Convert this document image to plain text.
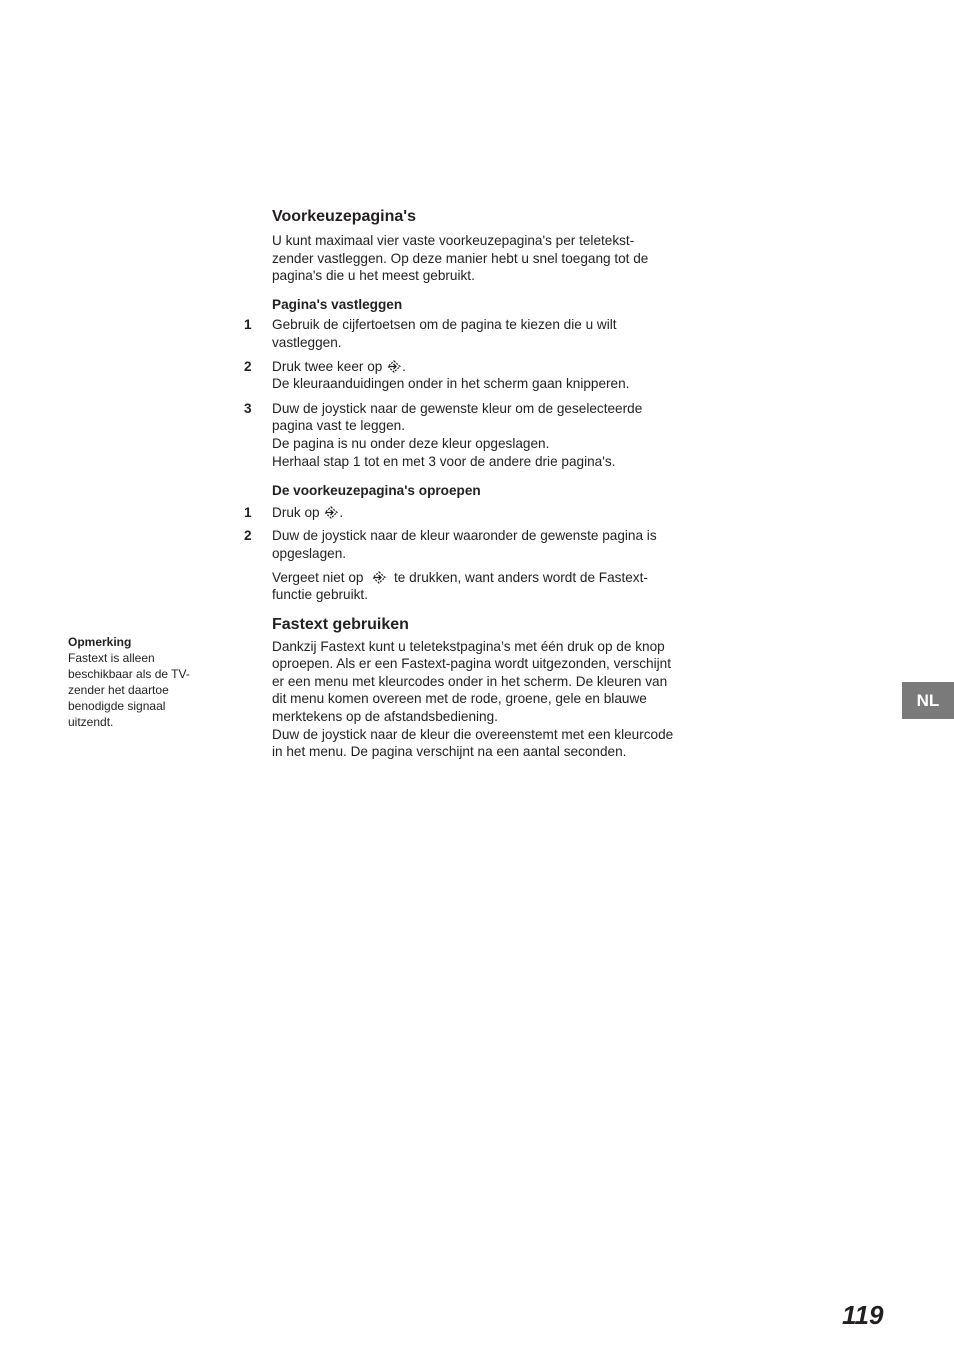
Voorkeuzepagina's
U kunt maximaal vier vaste voorkeuzepagina's per teletekst-
zender vastleggen. Op deze manier hebt u snel toegang tot de
pagina's die u het meest gebruikt.
Pagina's vastleggen
1	Gebruik de cijfertoetsen om de pagina te kiezen die u wilt
vastleggen.
2	Druk twee keer op .
De kleuraanduidingen onder in het scherm gaan knipperen.
3	Duw de joystick naar de gewenste kleur om de geselecteerde
pagina vast te leggen.
De pagina is nu onder deze kleur opgeslagen.
Herhaal stap 1 tot en met 3 voor de andere drie pagina's.
De voorkeuzepagina's oproepen
1	Druk op .
2	Duw de joystick naar de kleur waaronder de gewenste pagina is
opgeslagen.
Vergeet niet op te drukken, want anders wordt de Fastext-
functie gebruikt.
Fastext gebruiken
Dankzij Fastext kunt u teletekstpagina’s met één druk op de knop
oproepen. Als er een Fastext-pagina wordt uitgezonden, verschijnt
er een menu met kleurcodes onder in het scherm. De kleuren van
dit menu komen overeen met de rode, groene, gele en blauwe
merktekens op de afstandsbediening.
Duw de joystick naar de kleur die overeenstemt met een kleurcode
in het menu. De pagina verschijnt na een aantal seconden.
Opmerking
Fastext is alleen
beschikbaar als de TV-
zender het daartoe
benodigde signaal
uitzendt.
NL
119
